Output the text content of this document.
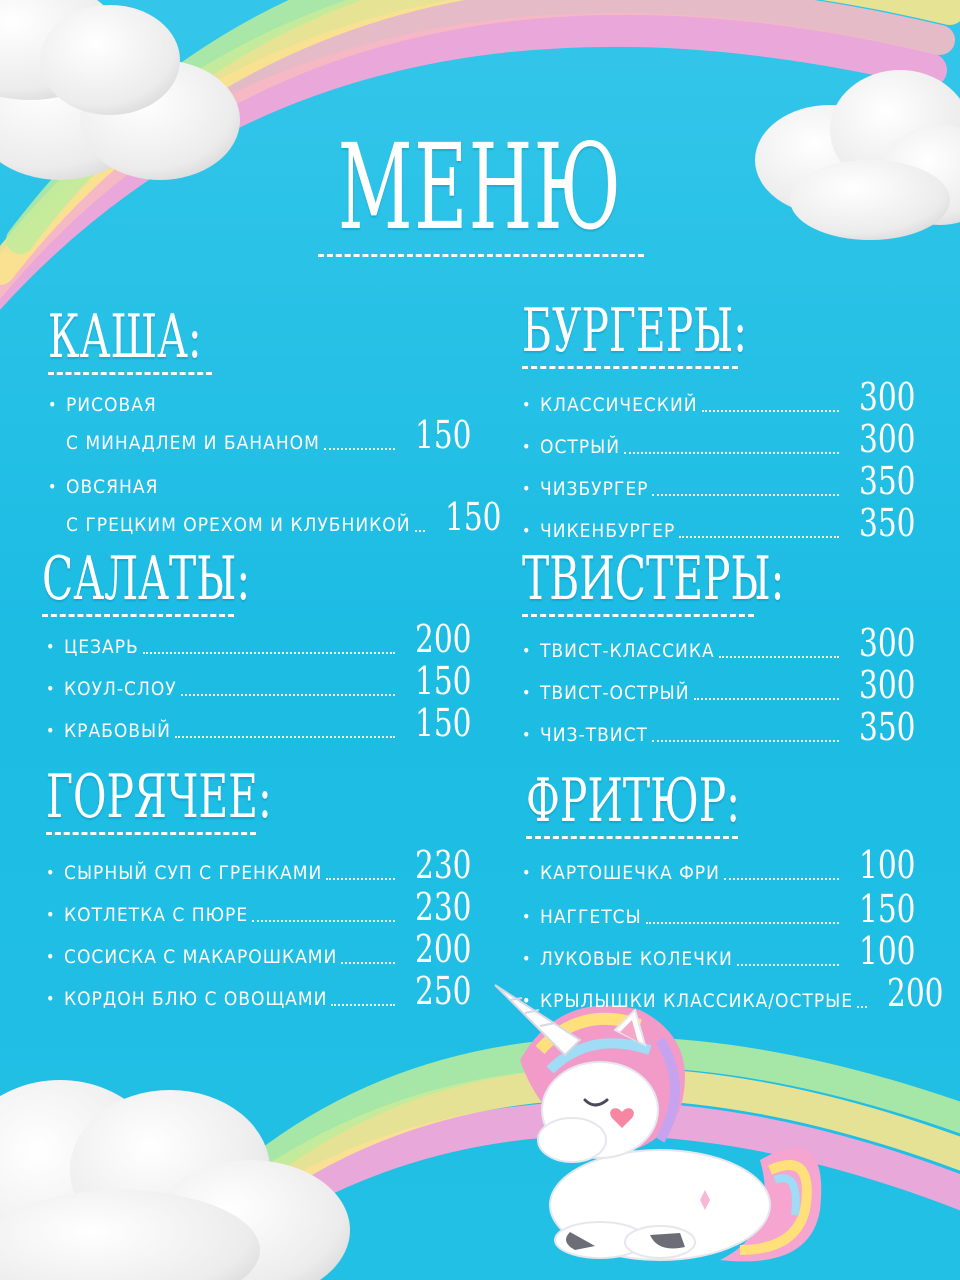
МЕНЮ
КАША:
• РИСОВАЯ
С МИНАДЛЕМ И БАНАНОМ	150
• ОВСЯНАЯ
С ГРЕЦКИМ ОРЕХОМ И КЛУБНИКОЙ 150
САЛАТЫ:
• ЦЕЗАРЬ	200
• КОУЛ-СЛОУ	150
• КРАБОВЫЙ	150
ГОРЯЧЕЕ:
• СЫРНЫЙ СУП С ГРЕНКАМИ 230
• КОТЛЕТКА С ПЮРЕ	230
• СОСИСКА С МАКАРОШКАМИ 200
• КОРДОН БЛЮ С ОВОЩАМИ 250
БУРГЕРЫ:
• КЛАССИЧЕСКИЙ	300
• ОСТРЫЙ	300
• ЧИЗБУРГЕР	350
• ЧИКЕНБУРГЕР	350
ТВИСТЕРЫ:
• ТВИСТ-КЛАССИКА	300
• ТВИСТ-ОСТРЫЙ	300
• ЧИЗ-ТВИСТ	350
ФРИТЮР:
• КАРТОШЕЧКА ФРИ	100
• НАГГЕТСЫ	150
• ЛУКОВЫЕ КОЛЕЧКИ	100
• КРЫЛЫШКИ КЛАССИКА/ОСТРЫЕ 200
